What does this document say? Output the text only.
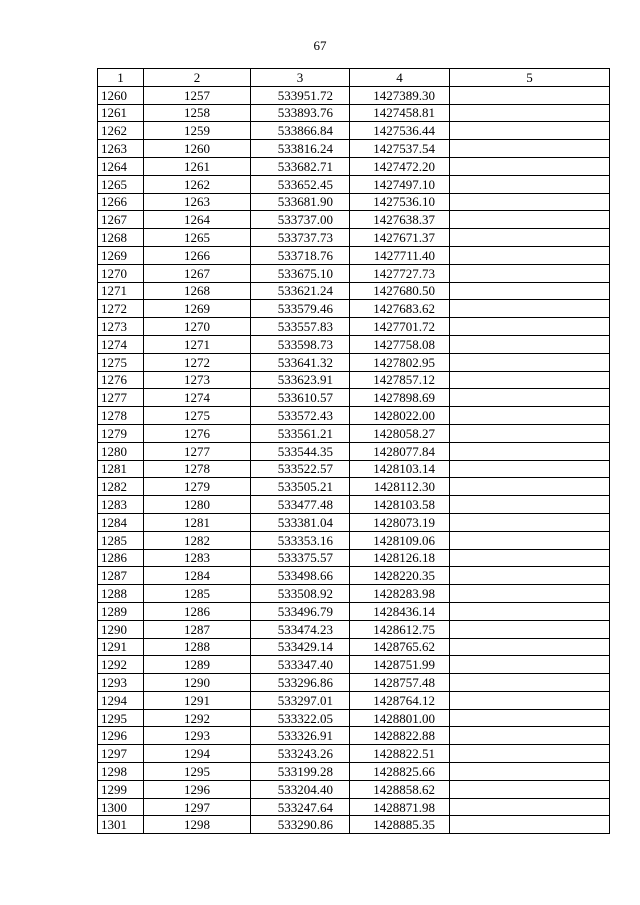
67
1	2	3	4	5
1260	1257	533951.72	1427389.30	
1261	1258	533893.76	1427458.81	
1262	1259	533866.84	1427536.44	
1263	1260	533816.24	1427537.54	
1264	1261	533682.71	1427472.20	
1265	1262	533652.45	1427497.10	
1266	1263	533681.90	1427536.10	
1267	1264	533737.00	1427638.37	
1268	1265	533737.73	1427671.37	
1269	1266	533718.76	1427711.40	
1270	1267	533675.10	1427727.73	
1271	1268	533621.24	1427680.50	
1272	1269	533579.46	1427683.62	
1273	1270	533557.83	1427701.72	
1274	1271	533598.73	1427758.08	
1275	1272	533641.32	1427802.95	
1276	1273	533623.91	1427857.12	
1277	1274	533610.57	1427898.69	
1278	1275	533572.43	1428022.00	
1279	1276	533561.21	1428058.27	
1280	1277	533544.35	1428077.84	
1281	1278	533522.57	1428103.14	
1282	1279	533505.21	1428112.30	
1283	1280	533477.48	1428103.58	
1284	1281	533381.04	1428073.19	
1285	1282	533353.16	1428109.06	
1286	1283	533375.57	1428126.18	
1287	1284	533498.66	1428220.35	
1288	1285	533508.92	1428283.98	
1289	1286	533496.79	1428436.14	
1290	1287	533474.23	1428612.75	
1291	1288	533429.14	1428765.62	
1292	1289	533347.40	1428751.99	
1293	1290	533296.86	1428757.48	
1294	1291	533297.01	1428764.12	
1295	1292	533322.05	1428801.00	
1296	1293	533326.91	1428822.88	
1297	1294	533243.26	1428822.51	
1298	1295	533199.28	1428825.66	
1299	1296	533204.40	1428858.62	
1300	1297	533247.64	1428871.98	
1301	1298	533290.86	1428885.35	
